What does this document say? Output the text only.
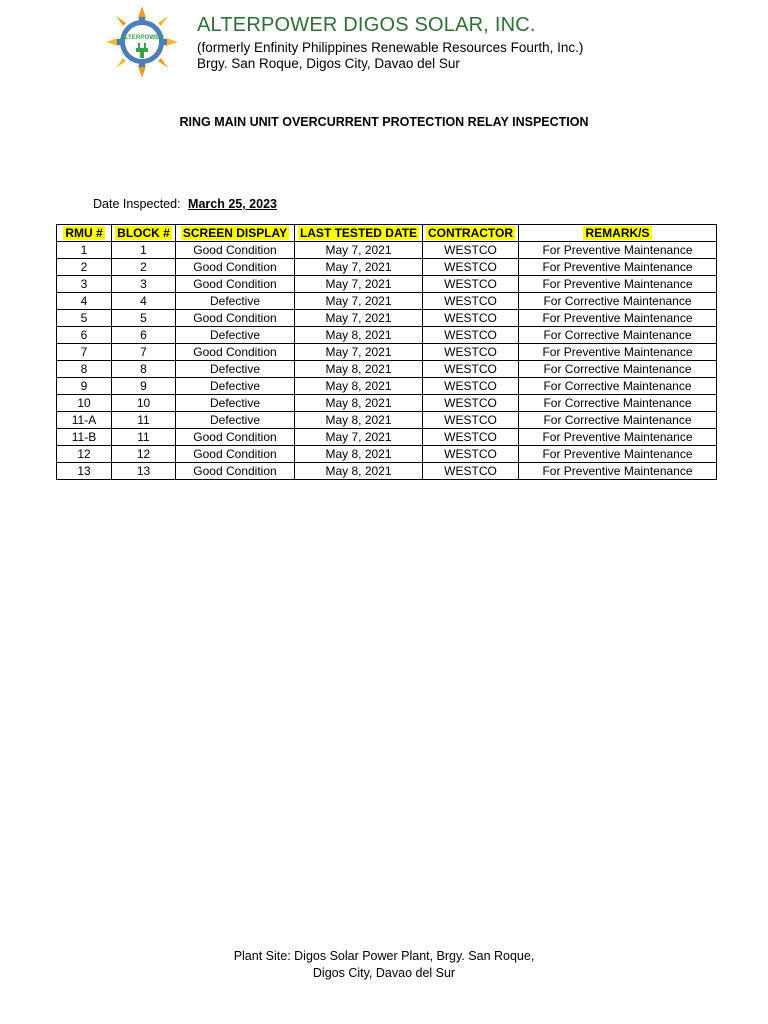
ALTERPOWER
ALTERPOWER DIGOS SOLAR, INC.
(formerly Enfinity Philippines Renewable Resources Fourth, Inc.)
Brgy. San Roque, Digos City, Davao del Sur
RING MAIN UNIT OVERCURRENT PROTECTION RELAY INSPECTION
Date Inspected: March 25, 2023
RMU #	BLOCK #	SCREEN DISPLAY	LAST TESTED DATE	CONTRACTOR	REMARK/S
1	1	Good Condition	May 7, 2021	WESTCO	For Preventive Maintenance
2	2	Good Condition	May 7, 2021	WESTCO	For Preventive Maintenance
3	3	Good Condition	May 7, 2021	WESTCO	For Preventive Maintenance
4	4	Defective	May 7, 2021	WESTCO	For Corrective Maintenance
5	5	Good Condition	May 7, 2021	WESTCO	For Preventive Maintenance
6	6	Defective	May 8, 2021	WESTCO	For Corrective Maintenance
7	7	Good Condition	May 7, 2021	WESTCO	For Preventive Maintenance
8	8	Defective	May 8, 2021	WESTCO	For Corrective Maintenance
9	9	Defective	May 8, 2021	WESTCO	For Corrective Maintenance
10	10	Defective	May 8, 2021	WESTCO	For Corrective Maintenance
11-A	11	Defective	May 8, 2021	WESTCO	For Corrective Maintenance
11-B	11	Good Condition	May 7, 2021	WESTCO	For Preventive Maintenance
12	12	Good Condition	May 8, 2021	WESTCO	For Preventive Maintenance
13	13	Good Condition	May 8, 2021	WESTCO	For Preventive Maintenance
Plant Site: Digos Solar Power Plant, Brgy. San Roque,
Digos City, Davao del Sur
